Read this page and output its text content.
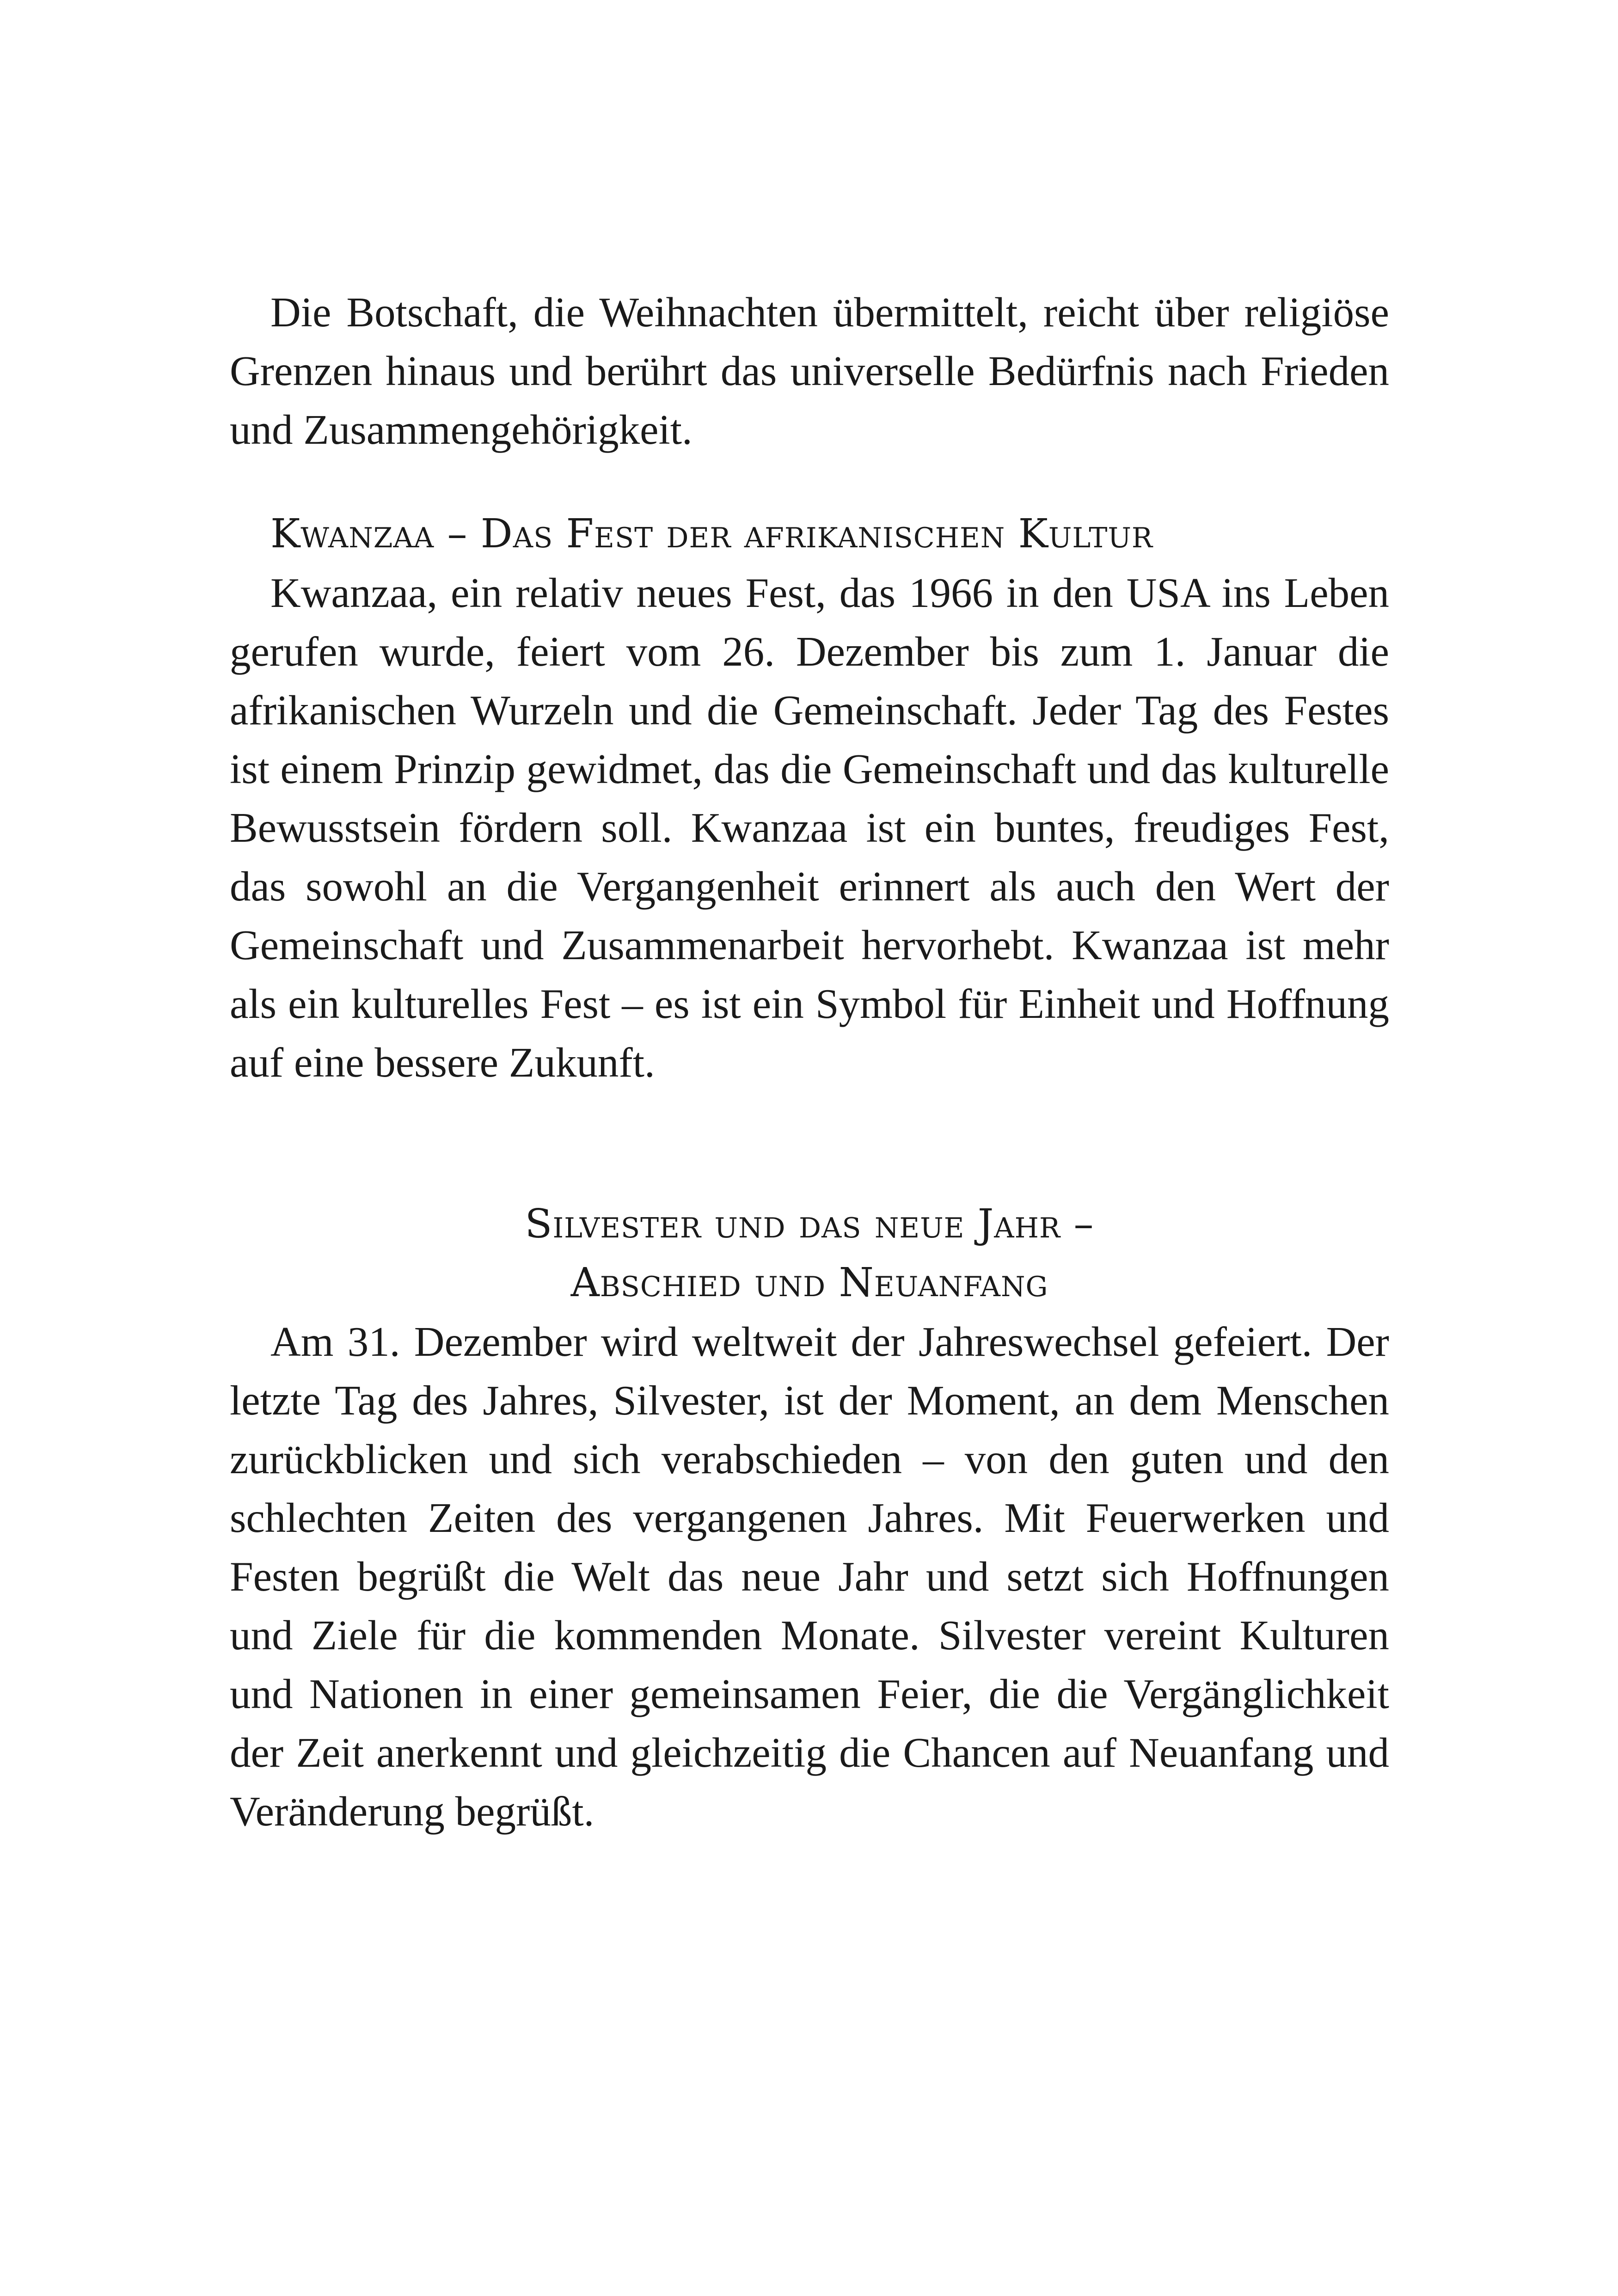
Die Botschaft, die Weihnachten übermittelt, reicht über religiöse Grenzen hinaus und berührt das universelle Bedürfnis nach Frieden und Zusammengehörigkeit.

Kwanzaa – Das Fest der afrikanischen Kultur

Kwanzaa, ein relativ neues Fest, das 1966 in den USA ins Leben gerufen wurde, feiert vom 26. Dezember bis zum 1. Januar die afrikanischen Wurzeln und die Gemeinschaft. Jeder Tag des Festes ist einem Prinzip gewidmet, das die Gemeinschaft und das kulturelle Bewusstsein fördern soll. Kwanzaa ist ein buntes, freudiges Fest, das sowohl an die Vergangenheit erinnert als auch den Wert der Gemeinschaft und Zusammenarbeit hervorhebt. Kwanzaa ist mehr als ein kulturelles Fest – es ist ein Symbol für Einheit und Hoffnung auf eine bessere Zukunft.

Silvester und das neue Jahr –
Abschied und Neuanfang

Am 31. Dezember wird weltweit der Jahreswechsel gefeiert. Der letzte Tag des Jahres, Silvester, ist der Moment, an dem Menschen zurückblicken und sich verabschieden – von den guten und den schlechten Zeiten des vergangenen Jahres. Mit Feuerwerken und Festen begrüßt die Welt das neue Jahr und setzt sich Hoffnungen und Ziele für die kommenden Monate. Silvester vereint Kulturen und Nationen in einer gemeinsamen Feier, die die Vergänglichkeit der Zeit anerkennt und gleichzeitig die Chancen auf Neuanfang und Veränderung begrüßt.
